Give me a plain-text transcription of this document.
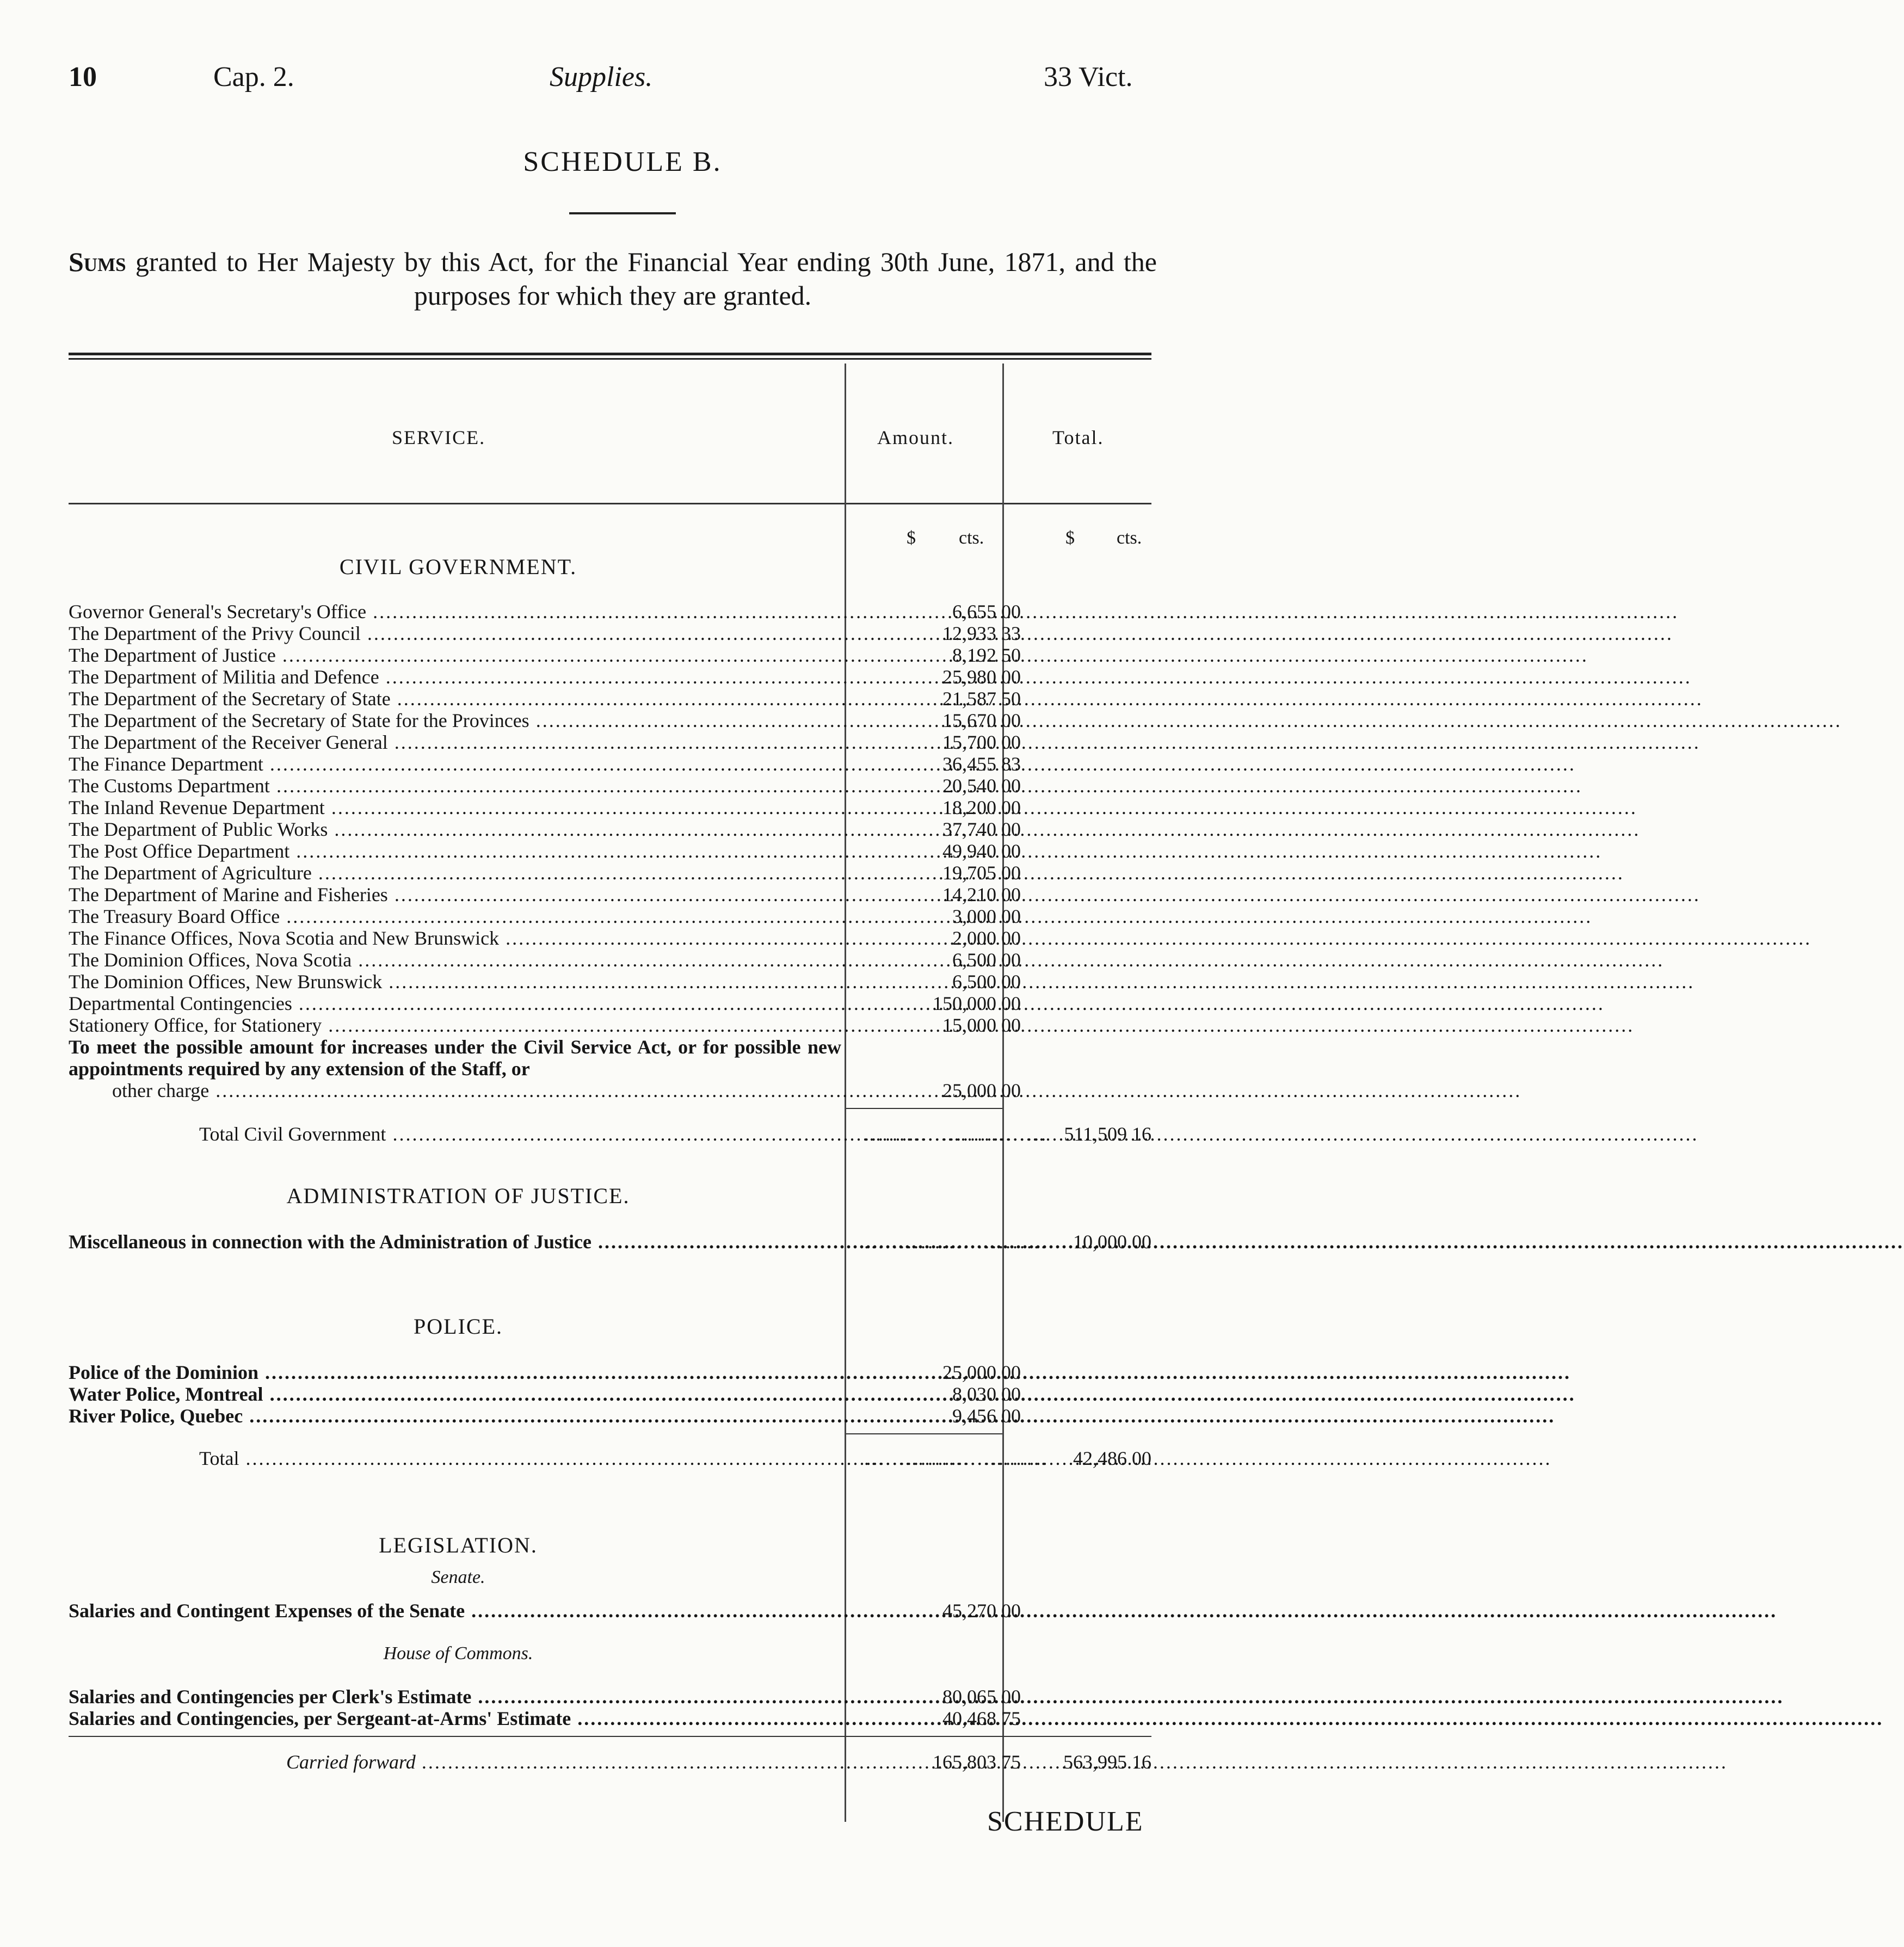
10	Cap. 2.	Supplies.	33 Vict.
SCHEDULE B.
Sums granted to Her Majesty by this Act, for the Financial Year ending 30th June, 1871, and the purposes for which they are granted.
SERVICE.	Amount.	Total.
$ cts.	$ cts.
CIVIL GOVERNMENT.
Governor General's Secretary's Office .....	6,655 00
The Department of the Privy Council .....	12,933 33
The Department of Justice .....	8,192 50
The Department of Militia and Defence .....	25,980 00
The Department of the Secretary of State .....	21,587 50
The Department of the Secretary of State for the Provinces .....	15,670 00
The Department of the Receiver General .....	15,700 00
The Finance Department .....	36,455 83
The Customs Department .....	20,540 00
The Inland Revenue Department .....	18,200 00
The Department of Public Works .....	37,740 00
The Post Office Department .....	49,940 00
The Department of Agriculture .....	19,705 00
The Department of Marine and Fisheries .....	14,210 00
The Treasury Board Office .....	3,000 00
The Finance Offices, Nova Scotia and New Brunswick .....	2,000 00
The Dominion Offices, Nova Scotia .....	6,500 00
The Dominion Offices, New Brunswick .....	6,500 00
Departmental Contingencies .....	150,000 00
Stationery Office, for Stationery .....	15,000 00
To meet the possible amount for increases under the Civil Service Act, or for possible new appointments required by any extension of the Staff, or
other charge .....	25,000 00
Total Civil Government .....	.......................... 511,509 16
ADMINISTRATION OF JUSTICE.
Miscellaneous in connection with the Administration of Justice .....	..........................	10,000 00
POLICE.
Police of the Dominion .....	25,000 00
Water Police, Montreal .....	8,030 00
River Police, Quebec .....	9,456 00
Total .....	..........................	42,486 00
LEGISLATION.
Senate.
Salaries and Contingent Expenses of the Senate .....	45,270 00
House of Commons.
Salaries and Contingencies per Clerk's Estimate .....	80,065 00
Salaries and Contingencies, per Sergeant-at-Arms' Estimate .....	40,468 75
Carried forward .....	165,803 75	563,995 16
SCHEDULE
